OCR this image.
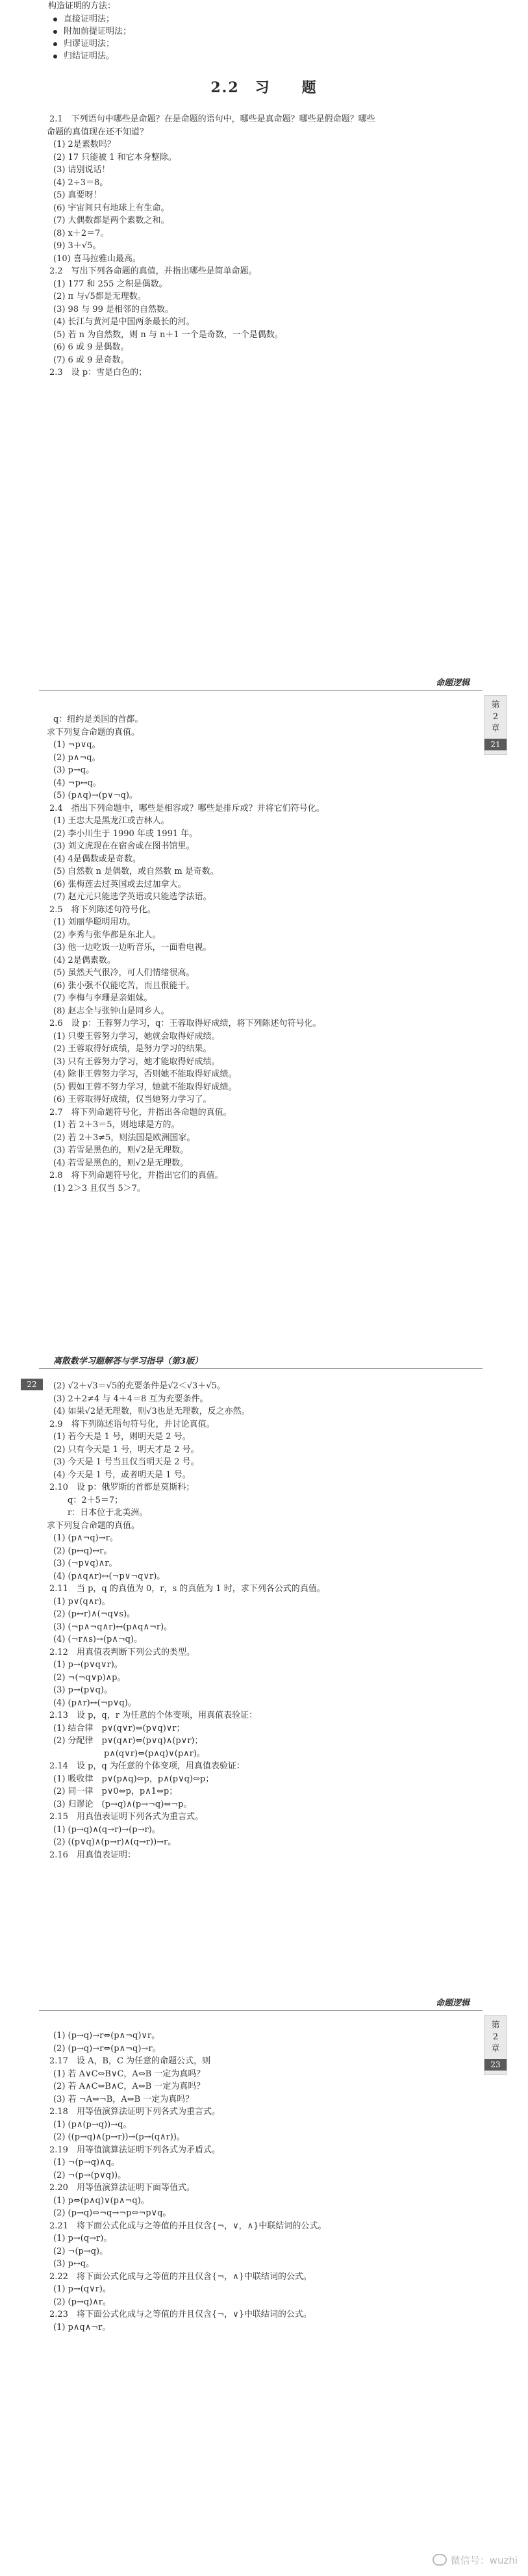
构造证明的方法：
直接证明法；
附加前提证明法；
归谬证明法；
归结证明法。
2.2　习　　题
2.1　下列语句中哪些是命题？在是命题的语句中，哪些是真命题？哪些是假命题？哪些
命题的真值现在还不知道？
(1) 2是素数吗？
(2) 17 只能被 1 和它本身整除。
(3) 请别说话！
(4) 2÷3＝8。
(5) 真要呀！
(6) 宇宙间只有地球上有生命。
(7) 大偶数都是两个素数之和。
(8) x＋2＝7。
(9) 3＋√5。
(10) 喜马拉雅山最高。
2.2　写出下列各命题的真值，并指出哪些是简单命题。
(1) 177 和 255 之积是偶数。
(2) π 与√5都是无理数。
(3) 98 与 99 是相邻的自然数。
(4) 长江与黄河是中国两条最长的河。
(5) 若 n 为自然数，则 n 与 n＋1 一个是奇数，一个是偶数。
(6) 6 或 9 是偶数。
(7) 6 或 9 是奇数。
2.3　设 p：雪是白色的；
命题逻辑
第2章
21
q：纽约是美国的首都。
求下列复合命题的真值。
(1) ¬p∨q。
(2) p∧¬q。
(3) p→q。
(4) ¬p↔q。
(5) (p∧q)→(p∨¬q)。
2.4　指出下列命题中，哪些是相容或？哪些是排斥或？并将它们符号化。
(1) 王忠大是黑龙江或吉林人。
(2) 李小川生于 1990 年或 1991 年。
(3) 刘文虎现在在宿舍或在图书馆里。
(4) 4是偶数或是奇数。
(5) 自然数 n 是偶数，或自然数 m 是奇数。
(6) 张梅莲去过英国或去过加拿大。
(7) 赵元元只能选学英语或只能选学法语。
2.5　将下列陈述句符号化。
(1) 刘丽华聪明用功。
(2) 李秀与张华都是东北人。
(3) 他一边吃饭一边听音乐，一面看电视。
(4) 2是偶素数。
(5) 虽然天气很冷，可人们情绪很高。
(6) 张小强不仅能吃苦，而且很能干。
(7) 李梅与李珊是亲姐妹。
(8) 赵志全与张钟山是同乡人。
2.6　设 p：王蓉努力学习，q：王蓉取得好成绩，将下列陈述句符号化。
(1) 只要王蓉努力学习，她就会取得好成绩。
(2) 王蓉取得好成绩，是努力学习的结果。
(3) 只有王蓉努力学习，她才能取得好成绩。
(4) 除非王蓉努力学习，否则她不能取得好成绩。
(5) 假如王蓉不努力学习，她就不能取得好成绩。
(6) 王蓉取得好成绩，仅当她努力学习了。
2.7　将下列命题符号化，并指出各命题的真值。
(1) 若 2＋3＝5，则地球是方的。
(2) 若 2＋3≠5，则法国是欧洲国家。
(3) 若雪是黑色的，则√2是无理数。
(4) 若雪是黑色的，则√2是无理数。
2.8　将下列命题符号化，并指出它们的真值。
(1) 2＞3 且仅当 5＞7。
离散数学习题解答与学习指导（第3版）
22	(2) √2＋√3＝√5的充要条件是√2＜√3＋√5。
(3) 2＋2≠4 与 4＋4＝8 互为充要条件。
(4) 如果√2是无理数，则√3也是无理数，反之亦然。
2.9　将下列陈述语句符号化，并讨论真值。
(1) 若今天是 1 号，则明天是 2 号。
(2) 只有今天是 1 号，明天才是 2 号。
(3) 今天是 1 号当且仅当明天是 2 号。
(4) 今天是 1 号，或者明天是 1 号。
2.10　设 p：俄罗斯的首都是莫斯科；
q：2＋5＝7；
r：日本位于北美洲。
求下列复合命题的真值。
(1) (p∧¬q)→r。
(2) (p↔q)↔r。
(3) (¬p∨q)∧r。
(4) (p∧q∧r)↔(¬p∨¬q∨r)。
2.11　当 p，q 的真值为 0，r，s 的真值为 1 时，求下列各公式的真值。
(1) p∨(q∧r)。
(2) (p↔r)∧(¬q∨s)。
(3) (¬p∧¬q∧r)↔(p∧q∧¬r)。
(4) (¬r∧s)→(p∧¬q)。
2.12　用真值表判断下列公式的类型。
(1) p→(p∨q∨r)。
(2) ¬(¬q∨p)∧p。
(3) p→(p∨q)。
(4) (p∧r)↔(¬p∨q)。
2.13　设 p，q，r 为任意的个体变项，用真值表验证：
(1) 结合律　p∨(q∨r)⇔(p∨q)∨r；
(2) 分配律　p∨(q∧r)⇔(p∨q)∧(p∨r)；
　　　　　　p∧(q∨r)⇔(p∧q)∨(p∧r)。
2.14　设 p，q 为任意的个体变项，用真值表验证：
(1) 吸收律　p∨(p∧q)⇔p，p∧(p∨q)⇔p；
(2) 同一律　p∨0⇔p，p∧1⇔p；
(3) 归谬论　(p→q)∧(p→¬q)⇔¬p。
2.15　用真值表证明下列各式为重言式。
(1) (p→q)∧(q→r)→(p→r)。
(2) ((p∨q)∧(p→r)∧(q→r))→r。
2.16　用真值表证明：
命题逻辑
第2章
23
(1) (p→q)→r⇔(p∧¬q)∨r。
(2) (p→q)→r⇔(p∧¬q)→r。
2.17　设 A，B，C 为任意的命题公式，则
(1) 若 A∨C⇔B∨C，A⇔B 一定为真吗？
(2) 若 A∧C⇔B∧C，A⇔B 一定为真吗？
(3) 若 ¬A⇔¬B，A⇔B 一定为真吗？
2.18　用等值演算法证明下列各式为重言式。
(1) (p∧(p→q))→q。
(2) ((p→q)∧(p→r))→(p→(q∧r))。
2.19　用等值演算法证明下列各式为矛盾式。
(1) ¬(p→q)∧q。
(2) ¬(p→(p∨q))。
2.20　用等值演算法证明下面等值式。
(1) p⇔(p∧q)∨(p∧¬q)。
(2) (p→q)⇔¬q→¬p⇔¬p∨q。
2.21　将下面公式化成与之等值的并且仅含{¬，∨，∧}中联结词的公式。
(1) p→(q→r)。
(2) ¬(p→q)。
(3) p↔q。
2.22　将下面公式化成与之等值的并且仅含{¬，∧}中联结词的公式。
(1) p→(q∨r)。
(2) (p→q)∧r。
2.23　将下面公式化成与之等值的并且仅含{¬，∨}中联结词的公式。
(1) p∧q∧¬r。
微信号：wuzhi
